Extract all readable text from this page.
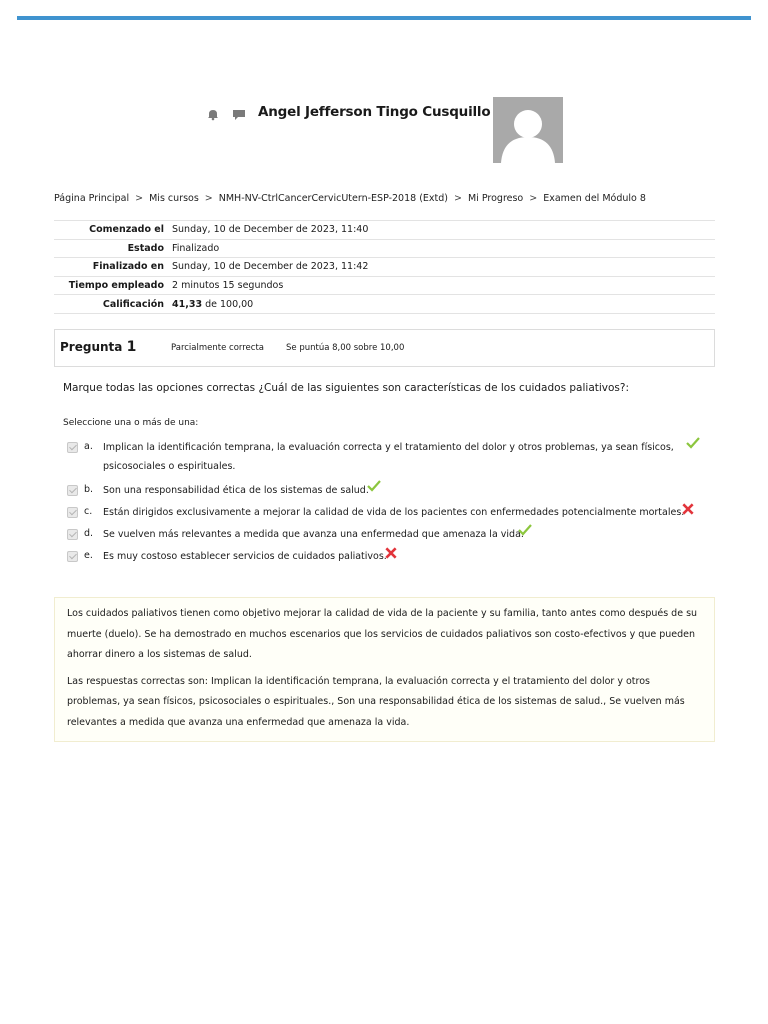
Angel Jefferson Tingo Cusquillo
Página Principal > Mis cursos > NMH-NV-CtrlCancerCervicUtern-ESP-2018 (Extd) > Mi Progreso > Examen del Módulo 8
Comenzado el	Sunday, 10 de December de 2023, 11:40
Estado	Finalizado
Finalizado en	Sunday, 10 de December de 2023, 11:42
Tiempo empleado	2 minutos 15 segundos
Calificación	41,33 de 100,00
Pregunta 1	Parcialmente correcta	Se puntúa 8,00 sobre 10,00
Marque todas las opciones correctas ¿Cuál de las siguientes son características de los cuidados paliativos?:
Seleccione una o más de una:
a. Implican la identificación temprana, la evaluación correcta y el tratamiento del dolor y otros problemas, ya sean físicos,
psicosociales o espirituales.
b. Son una responsabilidad ética de los sistemas de salud.
c. Están dirigidos exclusivamente a mejorar la calidad de vida de los pacientes con enfermedades potencialmente mortales.
d. Se vuelven más relevantes a medida que avanza una enfermedad que amenaza la vida.
e. Es muy costoso establecer servicios de cuidados paliativos.

Los cuidados paliativos tienen como objetivo mejorar la calidad de vida de la paciente y su familia, tanto antes como después de su muerte (duelo). Se ha demostrado en muchos escenarios que los servicios de cuidados paliativos son costo-efectivos y que pueden ahorrar dinero a los sistemas de salud.

Las respuestas correctas son: Implican la identificación temprana, la evaluación correcta y el tratamiento del dolor y otros problemas, ya sean físicos, psicosociales o espirituales., Son una responsabilidad ética de los sistemas de salud., Se vuelven más relevantes a medida que avanza una enfermedad que amenaza la vida.
